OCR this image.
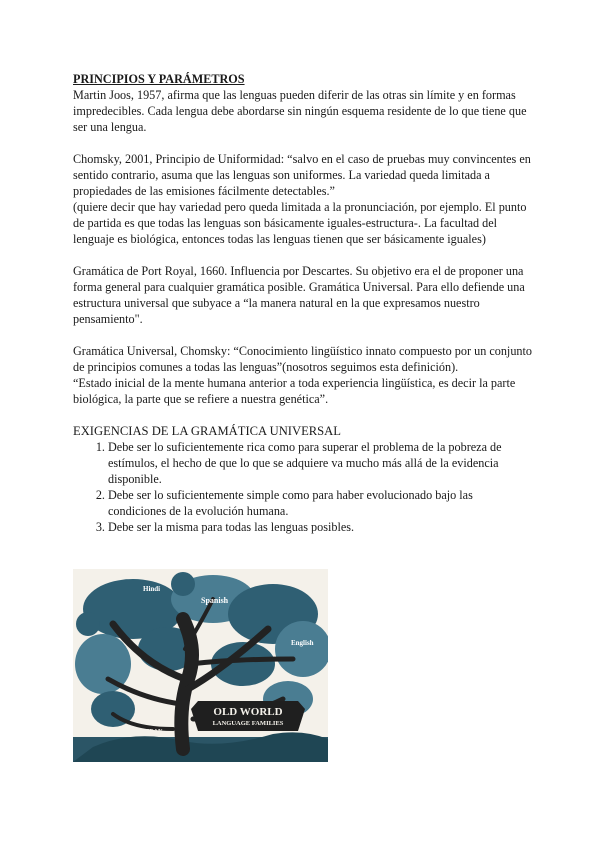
PRINCIPIOS Y PARÁMETROS

Martin Joos, 1957, afirma que las lenguas pueden diferir de las otras sin límite y en formas impredecibles. Cada lengua debe abordarse sin ningún esquema residente de lo que tiene que ser una lengua.

Chomsky, 2001, Principio de Uniformidad: “salvo en el caso de pruebas muy convincentes en sentido contrario, asuma que las lenguas son uniformes. La variedad queda limitada a propiedades de las emisiones fácilmente detectables.”

(quiere decir que hay variedad pero queda limitada a la pronunciación, por ejemplo. El punto de partida es que todas las lenguas son básicamente iguales-estructura-. La facultad del lenguaje es biológica, entonces todas las lenguas tienen que ser básicamente iguales)

Gramática de Port Royal, 1660. Influencia por Descartes. Su objetivo era el de proponer una forma general para cualquier gramática posible. Gramática Universal. Para ello defiende una estructura universal que subyace a “la manera natural en la que expresamos nuestro pensamiento".

Gramática Universal, Chomsky: “Conocimiento lingüístico innato compuesto por un conjunto de principios comunes a todas las lenguas”(nosotros seguimos esta definición).

“Estado inicial de la mente humana anterior a toda experiencia lingüística, es decir la parte biológica, la parte que se refiere a nuestra genética”.

EXIGENCIAS DE LA GRAMÁTICA UNIVERSAL

1. Debe ser lo suficientemente rica como para superar el problema de la pobreza de estímulos, el hecho de que lo que se adquiere va mucho más allá de la evidencia disponible.
2. Debe ser lo suficientemente simple como para haber evolucionado bajo las condiciones de la evolución humana.
3. Debe ser la misma para todas las lenguas posibles.
Hindi
Spanish
English
OLD WORLD
LANGUAGE FAMILIES
INDO-EUROPEAN
